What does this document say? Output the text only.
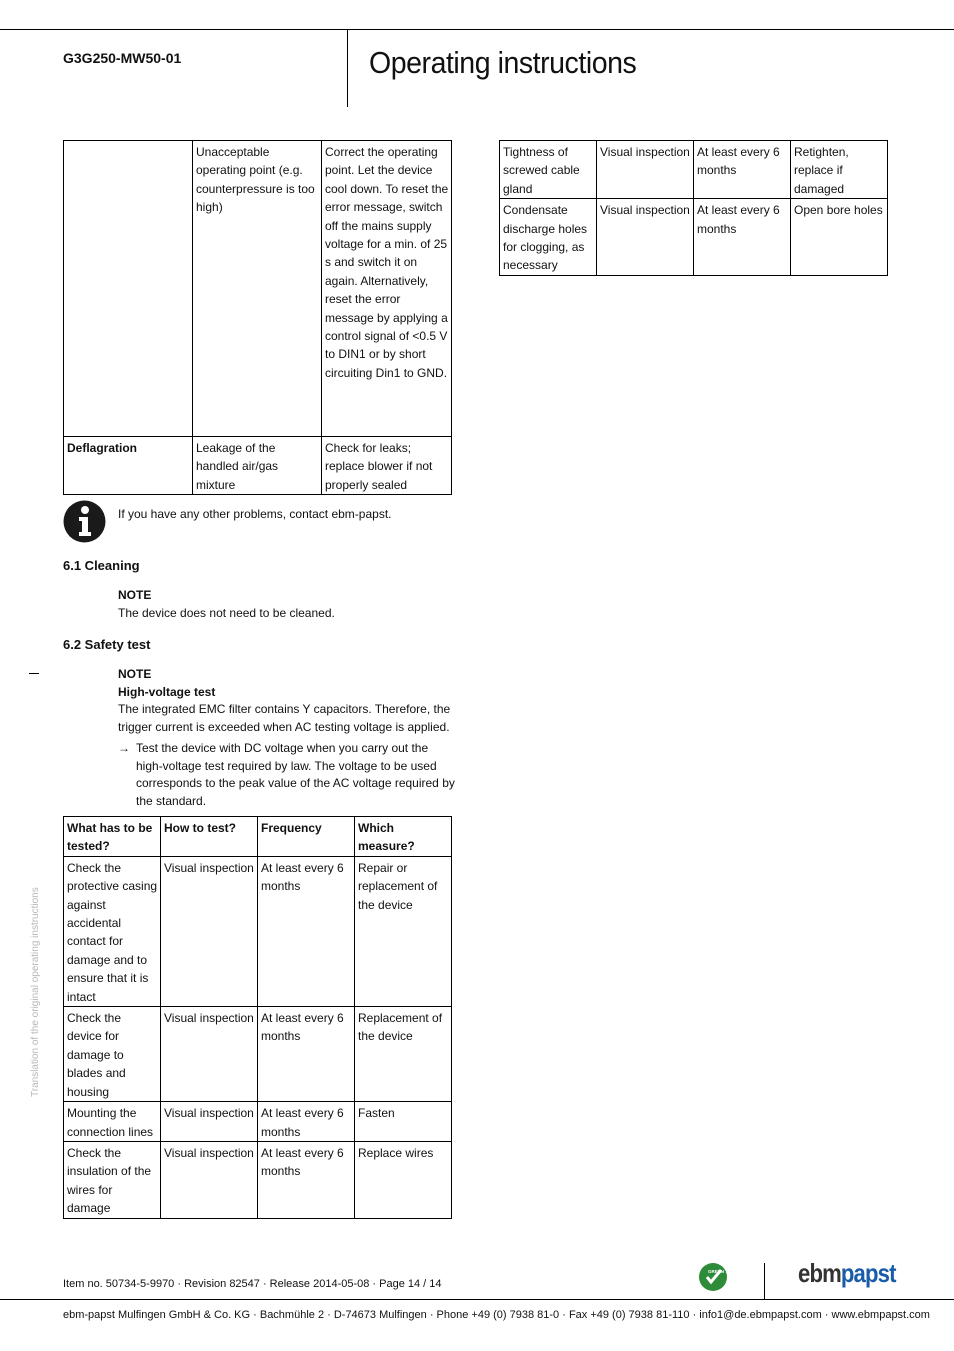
G3G250-MW50-01	Operating instructions
	Unacceptable operating point (e.g. counterpressure is too high)	Correct the operating point. Let the device cool down. To reset the error message, switch off the mains supply voltage for a min. of 25 s and switch it on again. Alternatively, reset the error message by applying a control signal of <0.5 V to DIN1 or by short circuiting Din1 to GND.
Deflagration	Leakage of the handled air/gas mixture	Check for leaks; replace blower if not properly sealed
If you have any other problems, contact ebm-papst.
6.1 Cleaning
NOTE
The device does not need to be cleaned.
6.2 Safety test
NOTE
High-voltage test
The integrated EMC filter contains Y capacitors. Therefore, the trigger current is exceeded when AC testing voltage is applied.
→ Test the device with DC voltage when you carry out the high-voltage test required by law. The voltage to be used corresponds to the peak value of the AC voltage required by the standard.
What has to be tested?	How to test?	Frequency	Which measure?
Check the protective casing against accidental contact for damage and to ensure that it is intact	Visual inspection	At least every 6 months	Repair or replacement of the device
Check the device for damage to blades and housing	Visual inspection	At least every 6 months	Replacement of the device
Mounting the connection lines	Visual inspection	At least every 6 months	Fasten
Check the insulation of the wires for damage	Visual inspection	At least every 6 months	Replace wires
Tightness of screwed cable gland	Visual inspection	At least every 6 months	Retighten, replace if damaged
Condensate discharge holes for clogging, as necessary	Visual inspection	At least every 6 months	Open bore holes
Translation of the original operating instructions
Item no. 50734-5-9970 · Revision 82547 · Release 2014-05-08 · Page 14 / 14
GREEN TECH ebmpapst
ebm-papst Mulfingen GmbH & Co. KG · Bachmühle 2 · D-74673 Mulfingen · Phone +49 (0) 7938 81-0 · Fax +49 (0) 7938 81-110 · info1@de.ebmpapst.com · www.ebmpapst.com
